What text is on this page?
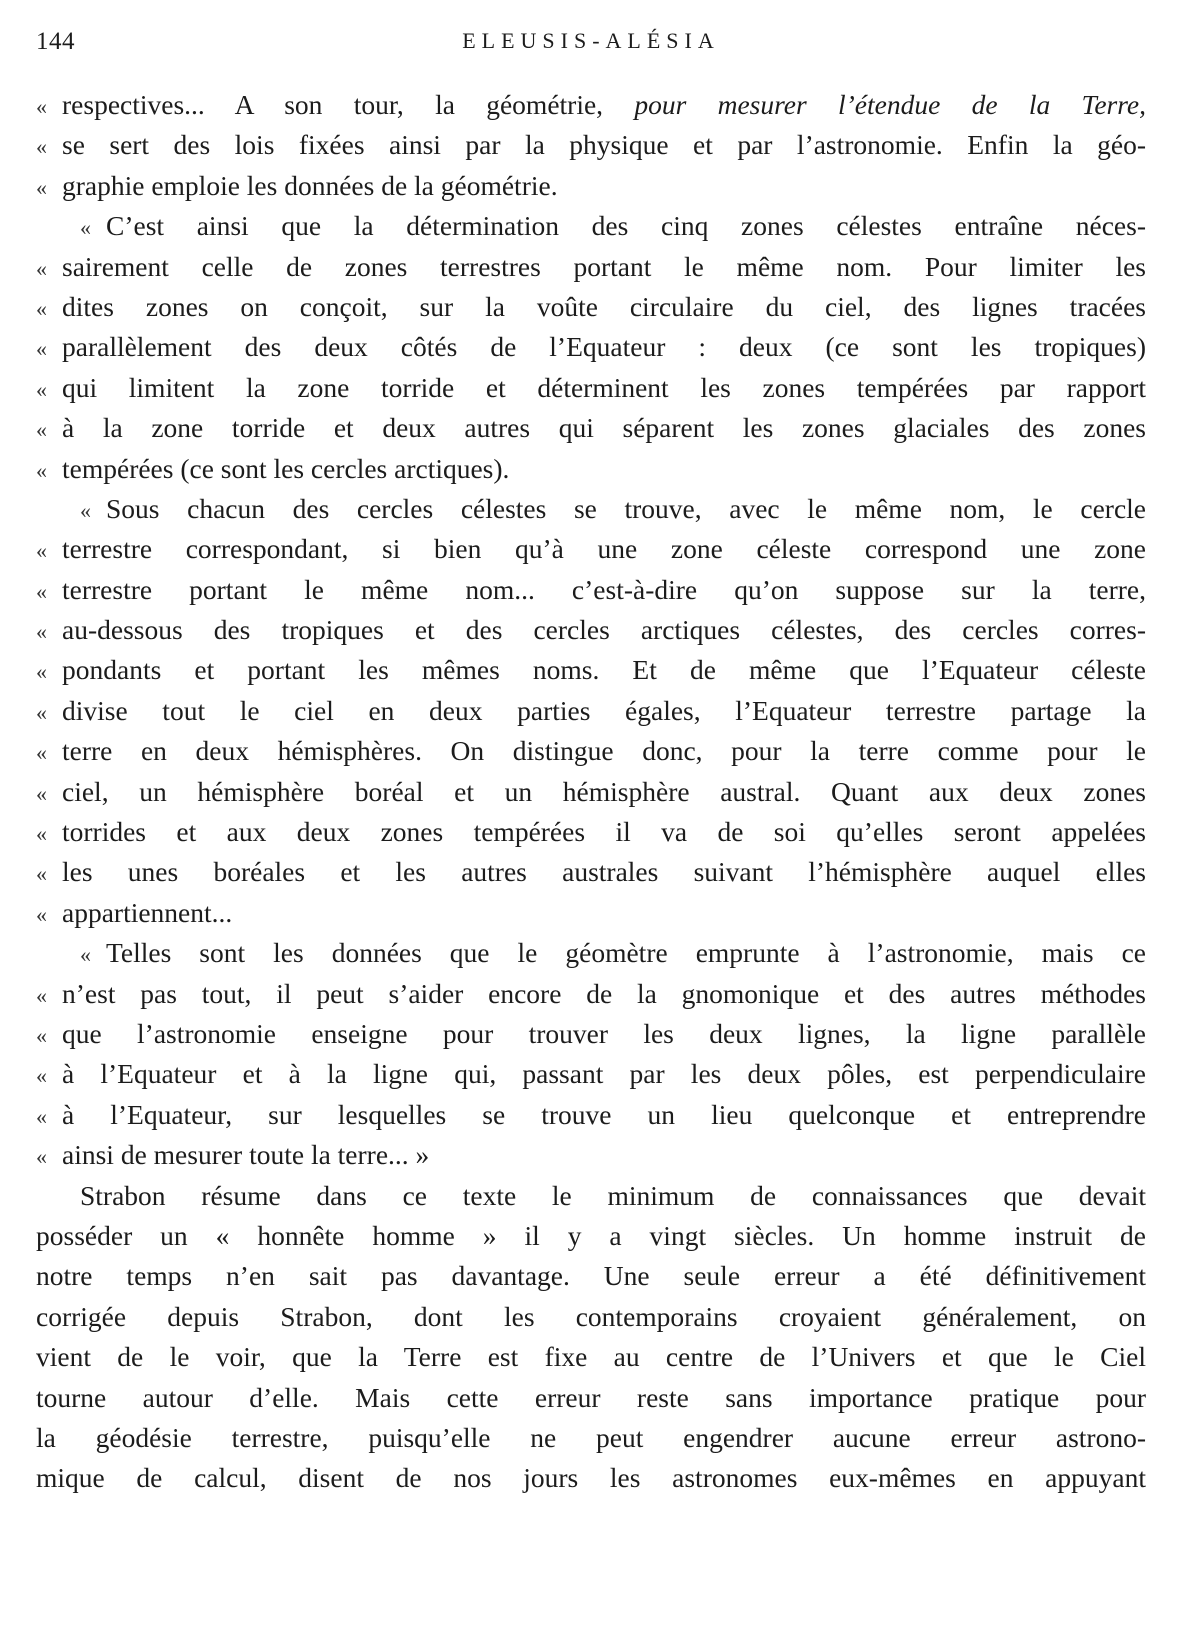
144	ELEUSIS-ALÉSIA
« respectives... A son tour, la géométrie, pour mesurer l’étendue de la Terre,
« se sert des lois fixées ainsi par la physique et par l’astronomie. Enfin la géo-
« graphie emploie les données de la géométrie.
« C’est ainsi que la détermination des cinq zones célestes entraîne néces-
« sairement celle de zones terrestres portant le même nom. Pour limiter les
« dites zones on conçoit, sur la voûte circulaire du ciel, des lignes tracées
« parallèlement des deux côtés de l’Equateur : deux (ce sont les tropiques)
« qui limitent la zone torride et déterminent les zones tempérées par rapport
« à la zone torride et deux autres qui séparent les zones glaciales des zones
« tempérées (ce sont les cercles arctiques).
« Sous chacun des cercles célestes se trouve, avec le même nom, le cercle
« terrestre correspondant, si bien qu’à une zone céleste correspond une zone
« terrestre portant le même nom... c’est-à-dire qu’on suppose sur la terre,
« au-dessous des tropiques et des cercles arctiques célestes, des cercles corres-
« pondants et portant les mêmes noms. Et de même que l’Equateur céleste
« divise tout le ciel en deux parties égales, l’Equateur terrestre partage la
« terre en deux hémisphères. On distingue donc, pour la terre comme pour le
« ciel, un hémisphère boréal et un hémisphère austral. Quant aux deux zones
« torrides et aux deux zones tempérées il va de soi qu’elles seront appelées
« les unes boréales et les autres australes suivant l’hémisphère auquel elles
« appartiennent...
« Telles sont les données que le géomètre emprunte à l’astronomie, mais ce
« n’est pas tout, il peut s’aider encore de la gnomonique et des autres méthodes
« que l’astronomie enseigne pour trouver les deux lignes, la ligne parallèle
« à l’Equateur et à la ligne qui, passant par les deux pôles, est perpendiculaire
« à l’Equateur, sur lesquelles se trouve un lieu quelconque et entreprendre
« ainsi de mesurer toute la terre... »
Strabon résume dans ce texte le minimum de connaissances que devait
posséder un « honnête homme » il y a vingt siècles. Un homme instruit de
notre temps n’en sait pas davantage. Une seule erreur a été définitivement
corrigée depuis Strabon, dont les contemporains croyaient généralement, on
vient de le voir, que la Terre est fixe au centre de l’Univers et que le Ciel
tourne autour d’elle. Mais cette erreur reste sans importance pratique pour
la géodésie terrestre, puisqu’elle ne peut engendrer aucune erreur astrono-
mique de calcul, disent de nos jours les astronomes eux-mêmes en appuyant
